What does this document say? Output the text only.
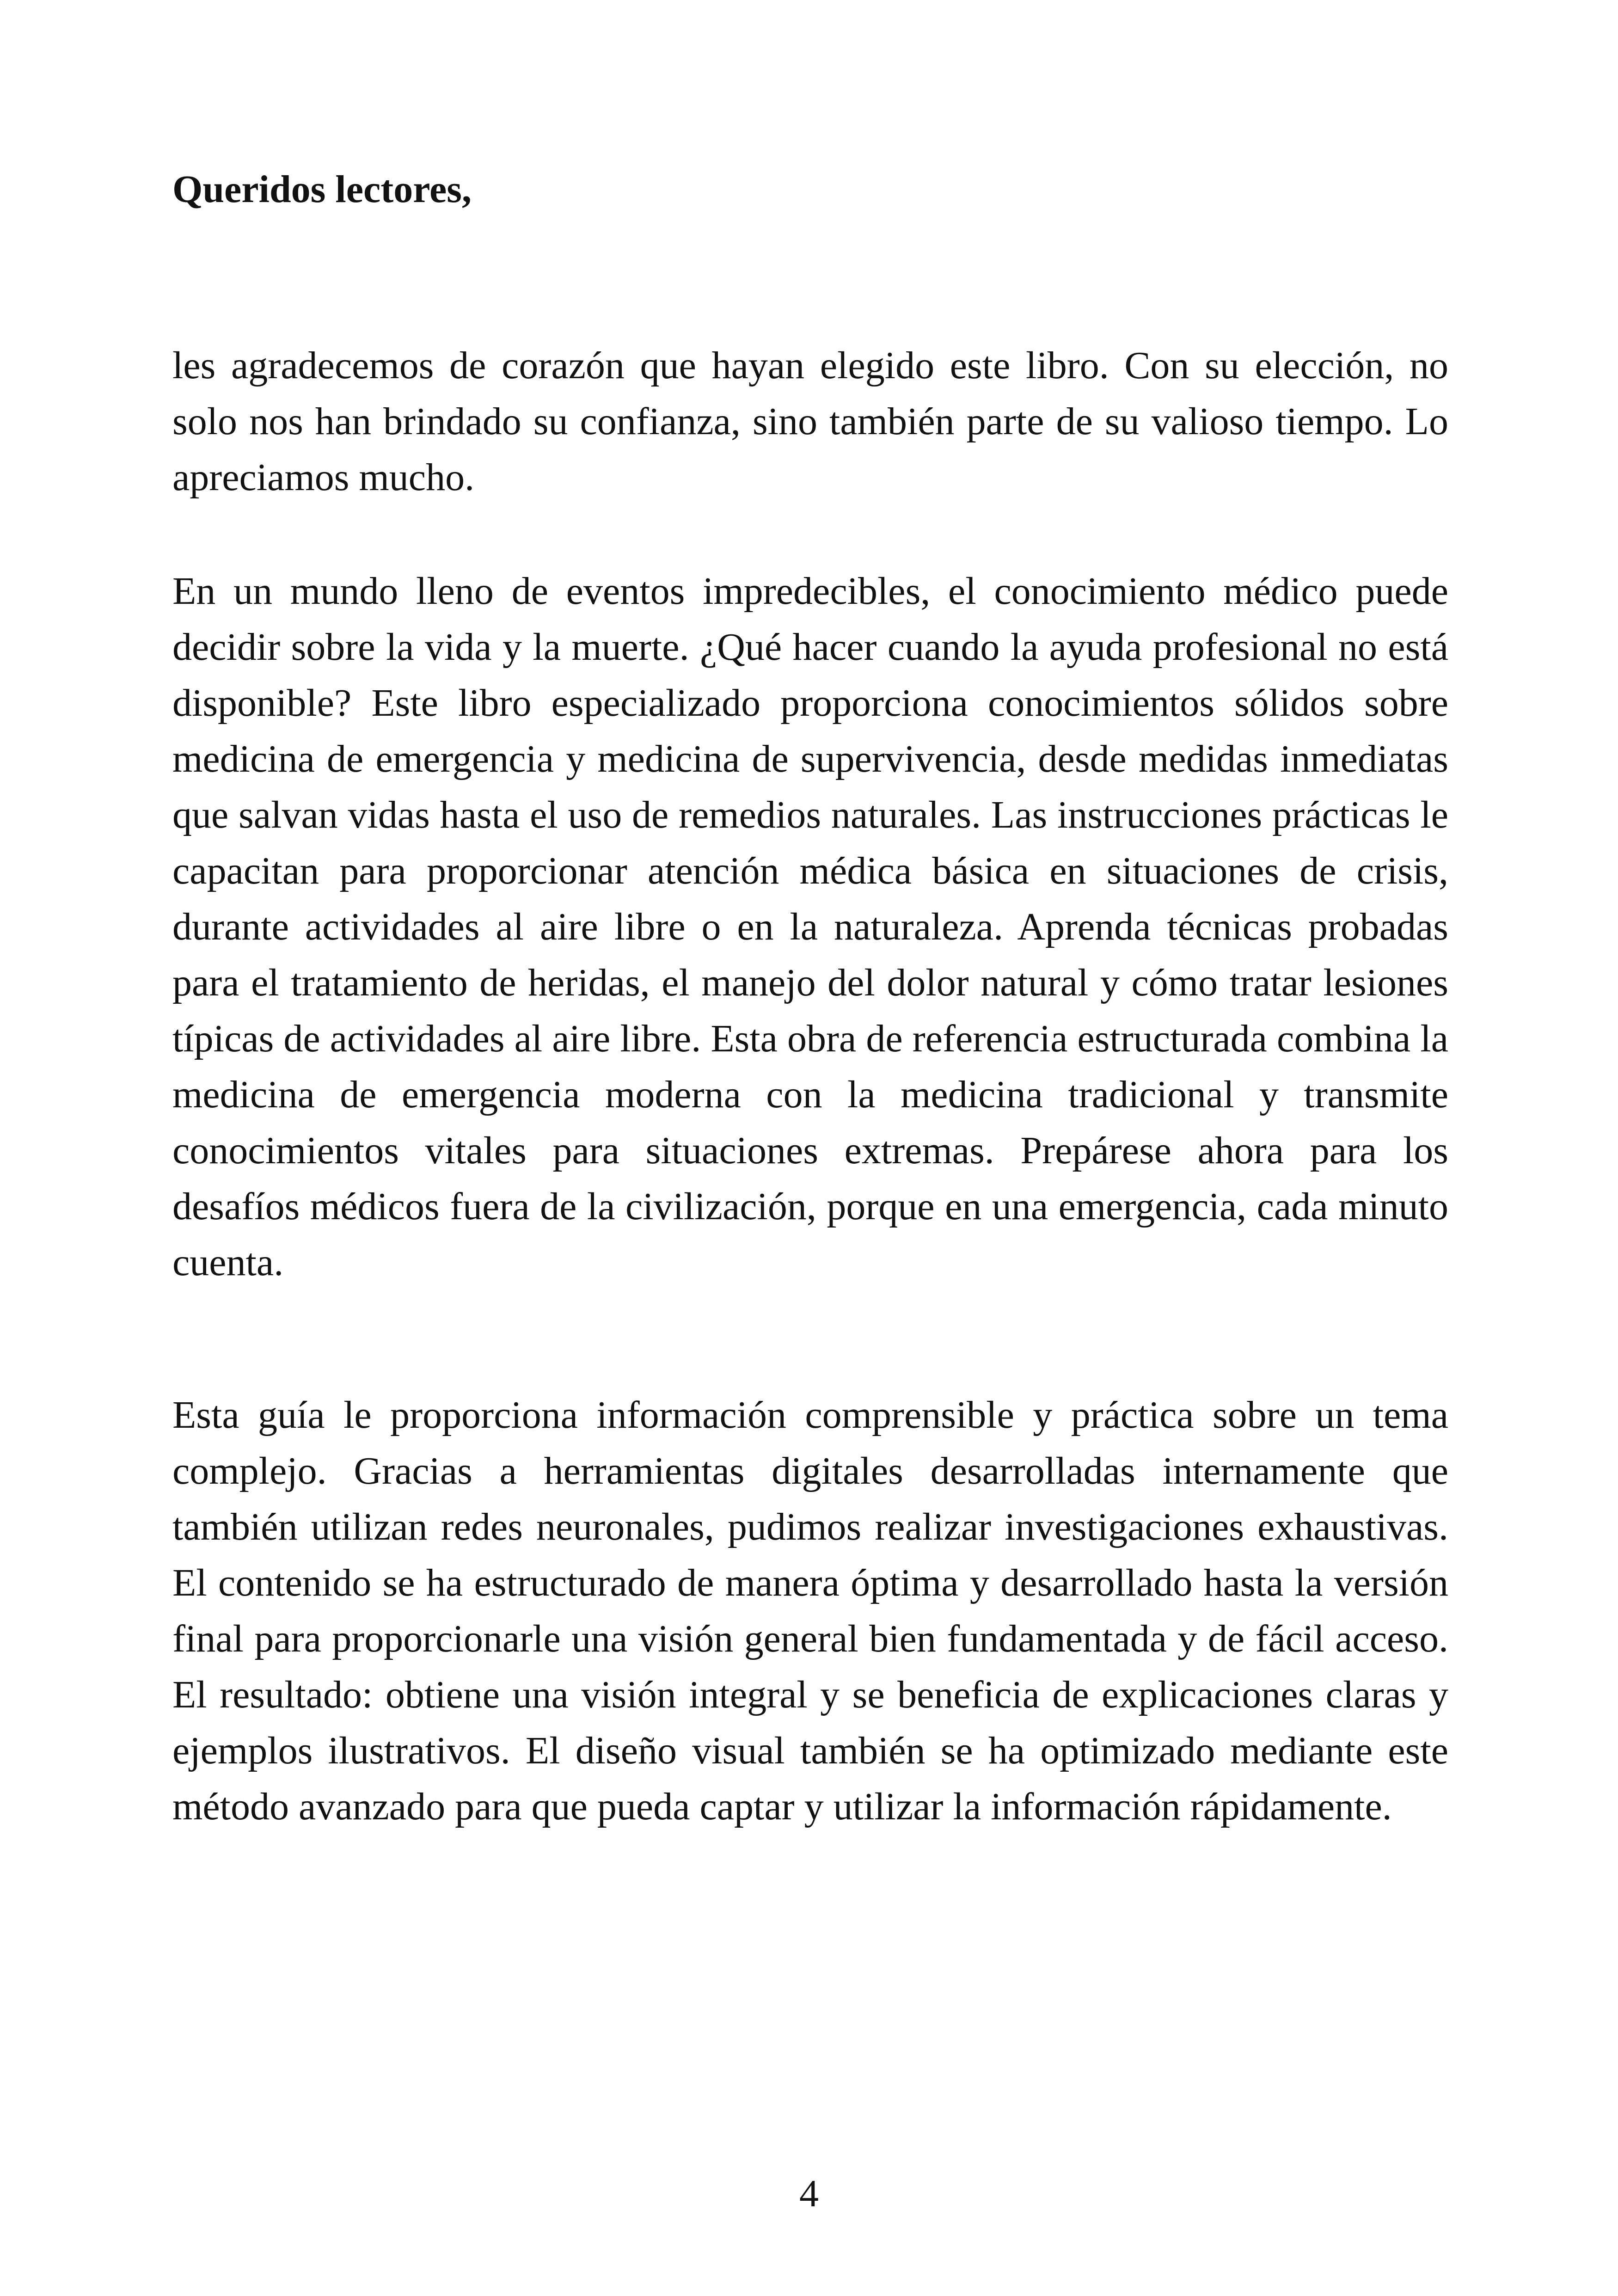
Queridos lectores,

les agradecemos de corazón que hayan elegido este libro. Con su elección, no solo nos han brindado su confianza, sino también parte de su valioso tiempo. Lo apreciamos mucho.

En un mundo lleno de eventos impredecibles, el conocimiento médico puede decidir sobre la vida y la muerte. ¿Qué hacer cuando la ayuda profesional no está disponible? Este libro especializado proporciona conocimientos sólidos sobre medicina de emergencia y medicina de supervivencia, desde medidas inmediatas que salvan vidas hasta el uso de remedios naturales. Las instrucciones prácticas le capacitan para proporcionar atención médica básica en situaciones de crisis, durante actividades al aire libre o en la naturaleza. Aprenda técnicas probadas para el tratamiento de heridas, el manejo del dolor natural y cómo tratar lesiones típicas de actividades al aire libre. Esta obra de referencia estructurada combina la medicina de emergencia moderna con la medicina tradicional y transmite conocimientos vitales para situaciones extremas. Prepárese ahora para los desafíos médicos fuera de la civilización, porque en una emergencia, cada minuto cuenta.

Esta guía le proporciona información comprensible y práctica sobre un tema complejo. Gracias a herramientas digitales desarrolladas internamente que también utilizan redes neuronales, pudimos realizar investigaciones exhaustivas. El contenido se ha estructurado de manera óptima y desarrollado hasta la versión final para proporcionarle una visión general bien fundamentada y de fácil acceso. El resultado: obtiene una visión integral y se beneficia de explicaciones claras y ejemplos ilustrativos. El diseño visual también se ha optimizado mediante este método avanzado para que pueda captar y utilizar la información rápidamente.

4
